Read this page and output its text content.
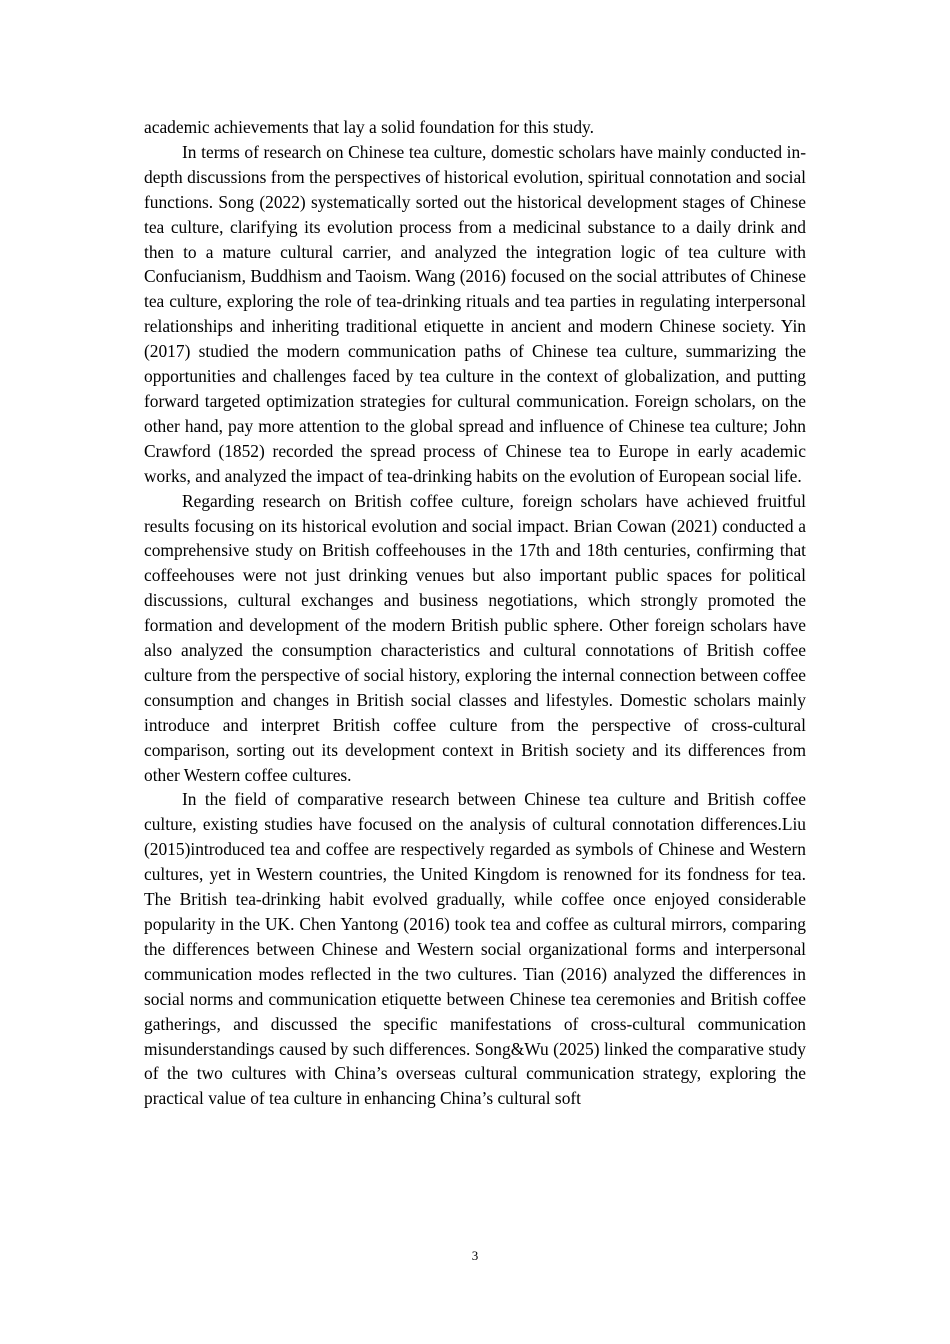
academic achievements that lay a solid foundation for this study.

In terms of research on Chinese tea culture, domestic scholars have mainly conducted in-depth discussions from the perspectives of historical evolution, spiritual connotation and social functions. Song (2022) systematically sorted out the historical development stages of Chinese tea culture, clarifying its evolution process from a medicinal substance to a daily drink and then to a mature cultural carrier, and analyzed the integration logic of tea culture with Confucianism, Buddhism and Taoism. Wang (2016) focused on the social attributes of Chinese tea culture, exploring the role of tea-drinking rituals and tea parties in regulating interpersonal relationships and inheriting traditional etiquette in ancient and modern Chinese society. Yin (2017) studied the modern communication paths of Chinese tea culture, summarizing the opportunities and challenges faced by tea culture in the context of globalization, and putting forward targeted optimization strategies for cultural communication. Foreign scholars, on the other hand, pay more attention to the global spread and influence of Chinese tea culture; John Crawford (1852) recorded the spread process of Chinese tea to Europe in early academic works, and analyzed the impact of tea-drinking habits on the evolution of European social life.

Regarding research on British coffee culture, foreign scholars have achieved fruitful results focusing on its historical evolution and social impact. Brian Cowan (2021) conducted a comprehensive study on British coffeehouses in the 17th and 18th centuries, confirming that coffeehouses were not just drinking venues but also important public spaces for political discussions, cultural exchanges and business negotiations, which strongly promoted the formation and development of the modern British public sphere. Other foreign scholars have also analyzed the consumption characteristics and cultural connotations of British coffee culture from the perspective of social history, exploring the internal connection between coffee consumption and changes in British social classes and lifestyles. Domestic scholars mainly introduce and interpret British coffee culture from the perspective of cross-cultural comparison, sorting out its development context in British society and its differences from other Western coffee cultures.

In the field of comparative research between Chinese tea culture and British coffee culture, existing studies have focused on the analysis of cultural connotation differences.Liu (2015)introduced tea and coffee are respectively regarded as symbols of Chinese and Western cultures, yet in Western countries, the United Kingdom is renowned for its fondness for tea. The British tea-drinking habit evolved gradually, while coffee once enjoyed considerable popularity in the UK. Chen Yantong (2016) took tea and coffee as cultural mirrors, comparing the differences between Chinese and Western social organizational forms and interpersonal communication modes reflected in the two cultures. Tian (2016) analyzed the differences in social norms and communication etiquette between Chinese tea ceremonies and British coffee gatherings, and discussed the specific manifestations of cross-cultural communication misunderstandings caused by such differences. Song&Wu (2025) linked the comparative study of the two cultures with China’s overseas cultural communication strategy, exploring the practical value of tea culture in enhancing China’s cultural soft

3
